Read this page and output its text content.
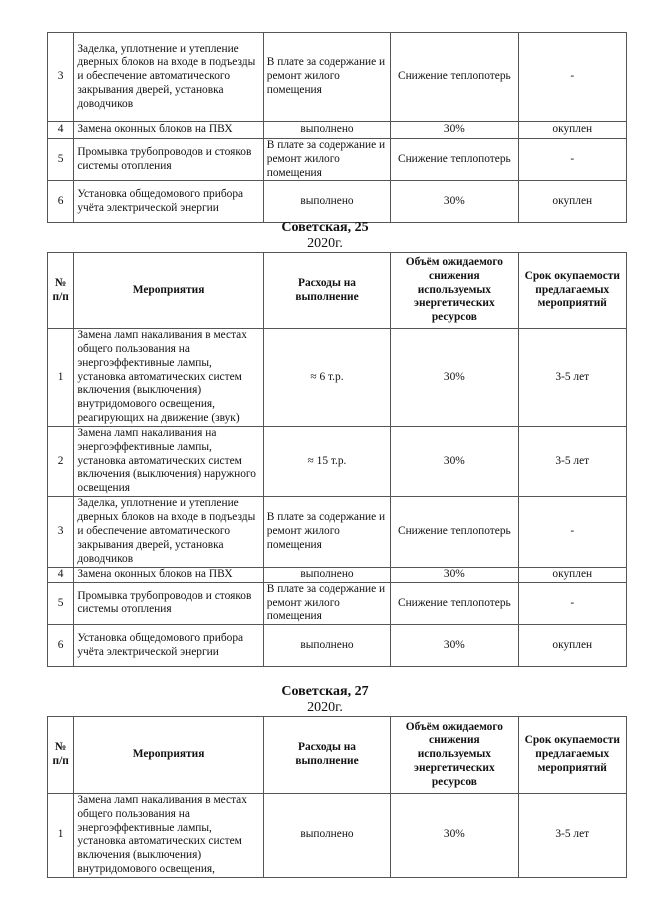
3	Заделка, уплотнение и утепление дверных блоков на входе в подъезды и обеспечение автоматического закрывания дверей, установка доводчиков	В плате за содержание и ремонт жилого помещения	Снижение теплопотерь	-
4	Замена оконных блоков на ПВХ	выполнено	30%	окуплен
5	Промывка трубопроводов и стояков системы отопления	В плате за содержание и ремонт жилого помещения	Снижение теплопотерь	-
6	Установка общедомового прибора учёта электрической энергии	выполнено	30%	окуплен
Советская, 25
2020г.
№ п/п	Мероприятия	Расходы на выполнение	Объём ожидаемого снижения используемых энергетических ресурсов	Срок окупаемости предлагаемых мероприятий
1	Замена ламп накаливания в местах общего пользования на энергоэффективные лампы, установка автоматических систем включения (выключения) внутридомового освещения, реагирующих на движение (звук)	≈ 6 т.р.	30%	3-5 лет
2	Замена ламп накаливания на энергоэффективные лампы, установка автоматических систем включения (выключения) наружного освещения	≈ 15 т.р.	30%	3-5 лет
3	Заделка, уплотнение и утепление дверных блоков на входе в подъезды и обеспечение автоматического закрывания дверей, установка доводчиков	В плате за содержание и ремонт жилого помещения	Снижение теплопотерь	-
4	Замена оконных блоков на ПВХ	выполнено	30%	окуплен
5	Промывка трубопроводов и стояков системы отопления	В плате за содержание и ремонт жилого помещения	Снижение теплопотерь	-
6	Установка общедомового прибора учёта электрической энергии	выполнено	30%	окуплен
Советская, 27
2020г.
№ п/п	Мероприятия	Расходы на выполнение	Объём ожидаемого снижения используемых энергетических ресурсов	Срок окупаемости предлагаемых мероприятий
1	Замена ламп накаливания в местах общего пользования на энергоэффективные лампы, установка автоматических систем включения (выключения) внутридомового освещения,	выполнено	30%	3-5 лет
